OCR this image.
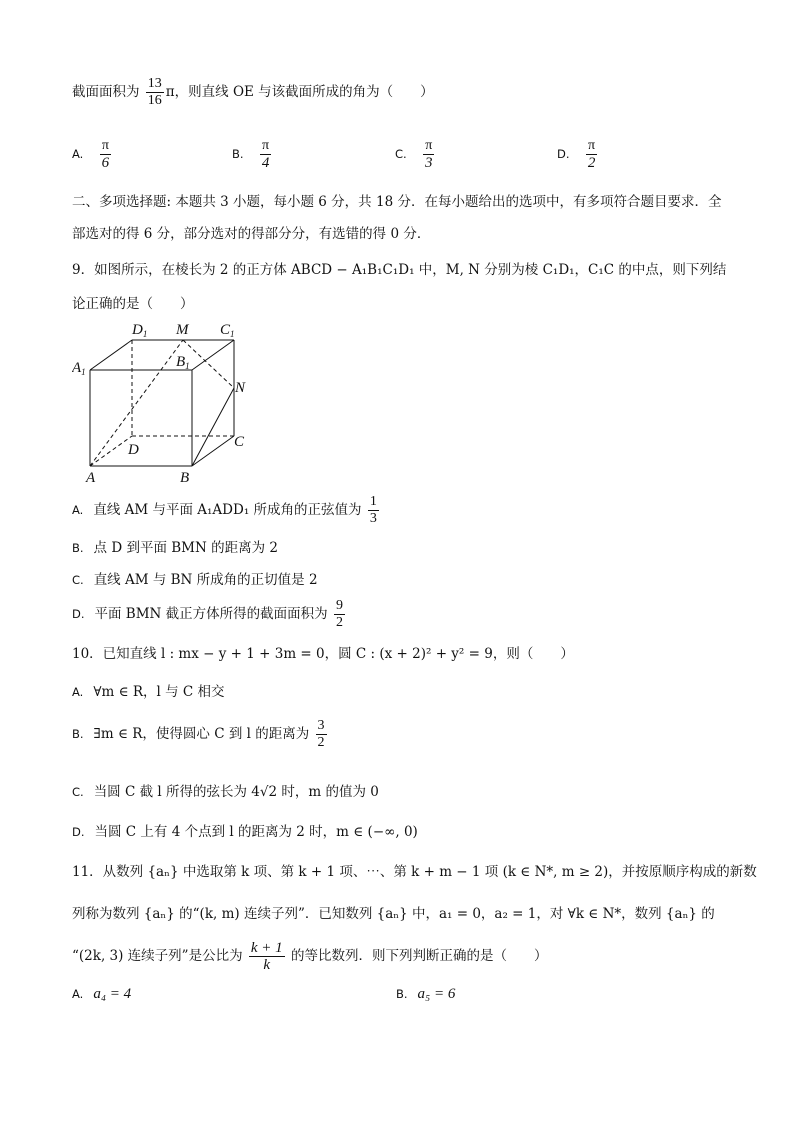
截面面积为 $\frac{13}{16}$ π，则直线 OE 与该截面所成的角为（　　）
A. $\frac{\pi}{6}$	B. $\frac{\pi}{4}$	C. $\frac{\pi}{3}$	D. $\frac{\pi}{2}$
二、多项选择题: 本题共 3 小题，每小题 6 分，共 18 分．在每小题给出的选项中，有多项符合题目要求．全
部选对的得 6 分，部分选对的得部分分，有选错的得 0 分．
9．如图所示，在棱长为 2 的正方体 ABCD − A₁B₁C₁D₁ 中，M, N 分别为棱 C₁D₁，C₁C 的中点，则下列结
论正确的是（　　）
$D_1$ M $C_1$
$A_1$
$B_1$
N
D	C
A	B
A. 直线 AM 与平面 A₁ADD₁ 所成角的正弦值为 $\frac{1}{3}$
B. 点 D 到平面 BMN 的距离为 2
C. 直线 AM 与 BN 所成角的正切值是 2
D. 平面 BMN 截正方体所得的截面面积为 $\frac{9}{2}$
10．已知直线 l : mx − y + 1 + 3m = 0，圆 C : (x + 2)² + y² = 9，则（　　）
A. ∀m ∈ R，l 与 C 相交
B. ∃m ∈ R，使得圆心 C 到 l 的距离为 $\frac{3}{2}$
C. 当圆 C 截 l 所得的弦长为 4√2 时，m 的值为 0
D. 当圆 C 上有 4 个点到 l 的距离为 2 时，m ∈ (−∞, 0)
11．从数列 {aₙ} 中选取第 k 项、第 k + 1 项、⋯、第 k + m − 1 项 (k ∈ N*, m ≥ 2)，并按原顺序构成的新数
列称为数列 {aₙ} 的“(k, m) 连续子列”．已知数列 {aₙ} 中，a₁ = 0，a₂ = 1，对 ∀k ∈ N*，数列 {aₙ} 的
“(2k, 3) 连续子列”是公比为 $\frac{k + 1}{k}$ 的等比数列．则下列判断正确的是（　　）
A. a₄ = 4	B. a₅ = 6
